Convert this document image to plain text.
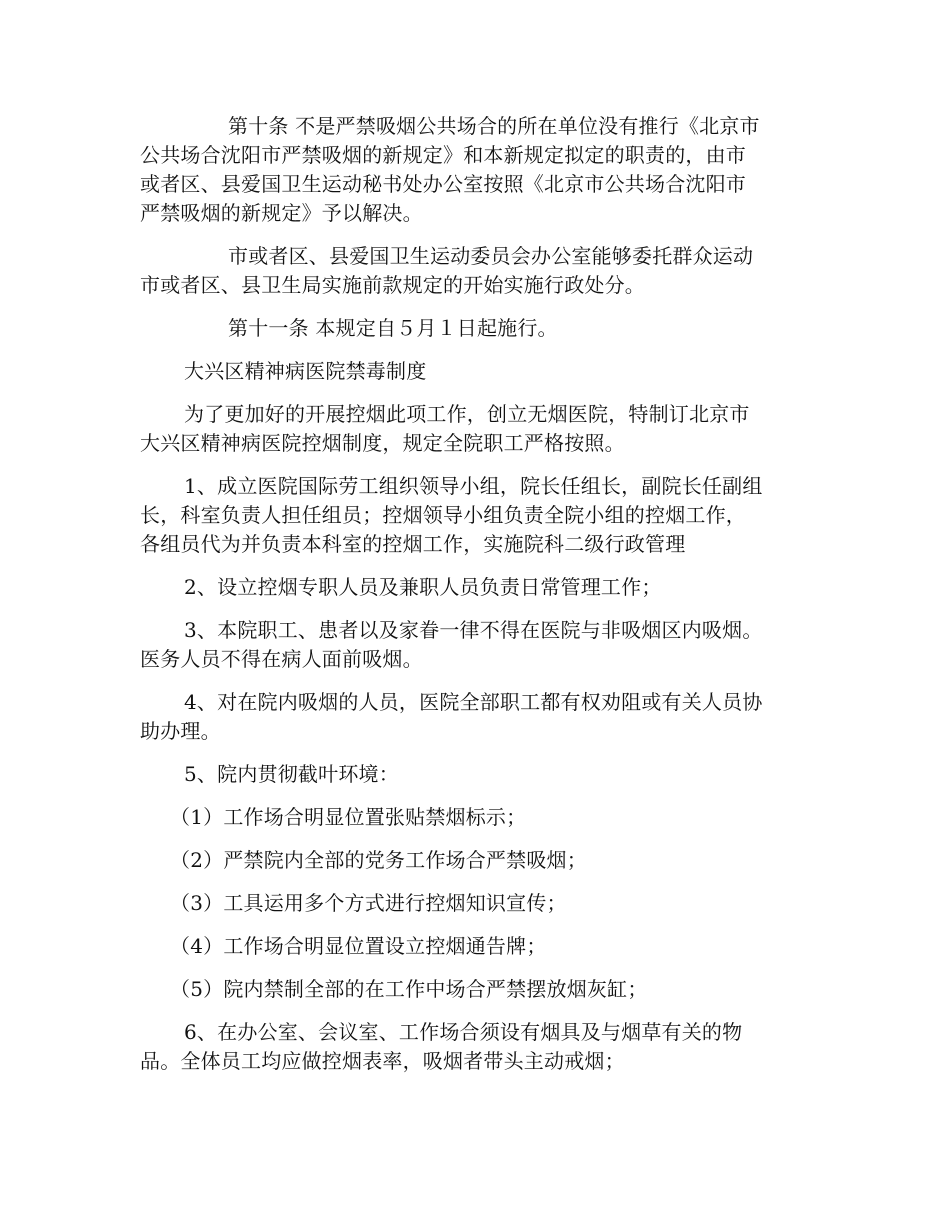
第十条 不是严禁吸烟公共场合的所在单位没有推行《北京市
公共场合沈阳市严禁吸烟的新规定》和本新规定拟定的职责的，由市
或者区、县爱国卫生运动秘书处办公室按照《北京市公共场合沈阳市
严禁吸烟的新规定》予以解决。

市或者区、县爱国卫生运动委员会办公室能够委托群众运动
市或者区、县卫生局实施前款规定的开始实施行政处分。

第十一条 本规定自５月１日起施行。

大兴区精神病医院禁毒制度

为了更加好的开展控烟此项工作，创立无烟医院，特制订北京市
大兴区精神病医院控烟制度，规定全院职工严格按照。

1、成立医院国际劳工组织领导小组，院长任组长，副院长任副组
长，科室负责人担任组员；控烟领导小组负责全院小组的控烟工作，
各组员代为并负责本科室的控烟工作，实施院科二级行政管理

2、设立控烟专职人员及兼职人员负责日常管理工作；

3、本院职工、患者以及家眷一律不得在医院与非吸烟区内吸烟。
医务人员不得在病人面前吸烟。

4、对在院内吸烟的人员，医院全部职工都有权劝阻或有关人员协
助办理。

5、院内贯彻截叶环境：

（1）工作场合明显位置张贴禁烟标示；

（2）严禁院内全部的党务工作场合严禁吸烟；

（3）工具运用多个方式进行控烟知识宣传；

（4）工作场合明显位置设立控烟通告牌；

（5）院内禁制全部的在工作中场合严禁摆放烟灰缸；

6、在办公室、会议室、工作场合须设有烟具及与烟草有关的物
品。全体员工均应做控烟表率，吸烟者带头主动戒烟；
